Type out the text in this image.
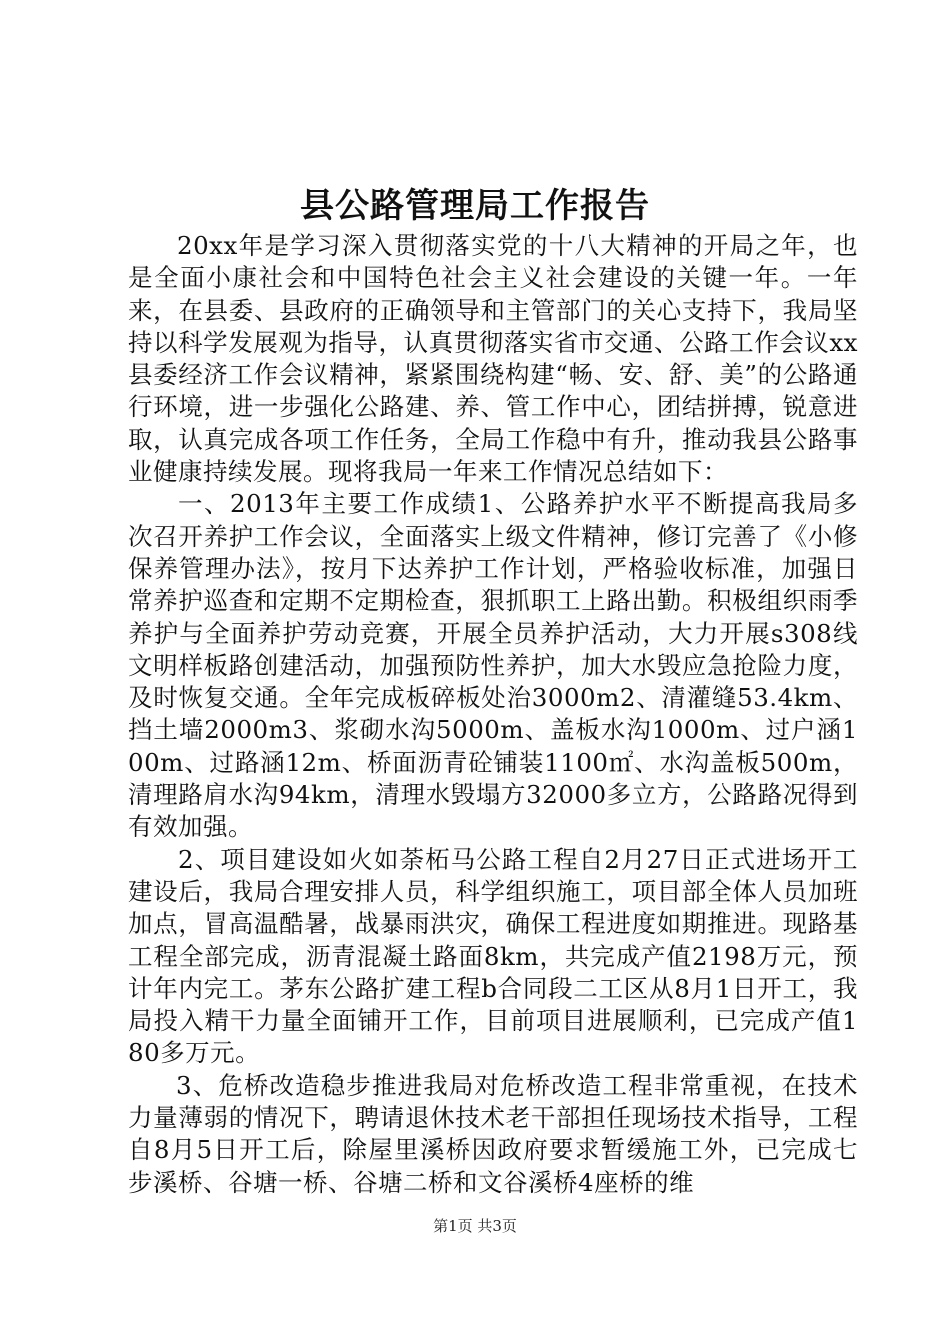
县公路管理局工作报告

20xx年是学习深入贯彻落实党的十八大精神的开局之年，也是全面小康社会和中国特色社会主义社会建设的关键一年。一年来，在县委、县政府的正确领导和主管部门的关心支持下，我局坚持以科学发展观为指导，认真贯彻落实省市交通、公路工作会议xx县委经济工作会议精神，紧紧围绕构建“畅、安、舒、美”的公路通行环境，进一步强化公路建、养、管工作中心，团结拼搏，锐意进取，认真完成各项工作任务，全局工作稳中有升，推动我县公路事业健康持续发展。现将我局一年来工作情况总结如下：

一、2013年主要工作成绩1、公路养护水平不断提高我局多次召开养护工作会议，全面落实上级文件精神，修订完善了《小修保养管理办法》，按月下达养护工作计划，严格验收标准，加强日常养护巡查和定期不定期检查，狠抓职工上路出勤。积极组织雨季养护与全面养护劳动竞赛，开展全员养护活动，大力开展s308线文明样板路创建活动，加强预防性养护，加大水毁应急抢险力度，及时恢复交通。全年完成板碎板处治3000m2、清灌缝53.4km、挡土墙2000m3、浆砌水沟5000m、盖板水沟1000m、过户涵100m、过路涵12m、桥面沥青砼铺装1100㎡、水沟盖板500m，清理路肩水沟94km，清理水毁塌方32000多立方，公路路况得到有效加强。

2、项目建设如火如荼柘马公路工程自2月27日正式进场开工建设后，我局合理安排人员，科学组织施工，项目部全体人员加班加点，冒高温酷暑，战暴雨洪灾，确保工程进度如期推进。现路基工程全部完成，沥青混凝土路面8km，共完成产值2198万元，预计年内完工。茅东公路扩建工程b合同段二工区从8月1日开工，我局投入精干力量全面铺开工作，目前项目进展顺利，已完成产值180多万元。

3、危桥改造稳步推进我局对危桥改造工程非常重视，在技术力量薄弱的情况下，聘请退休技术老干部担任现场技术指导，工程自8月5日开工后，除屋里溪桥因政府要求暂缓施工外，已完成七步溪桥、谷塘一桥、谷塘二桥和文谷溪桥4座桥的维

第1页 共3页
